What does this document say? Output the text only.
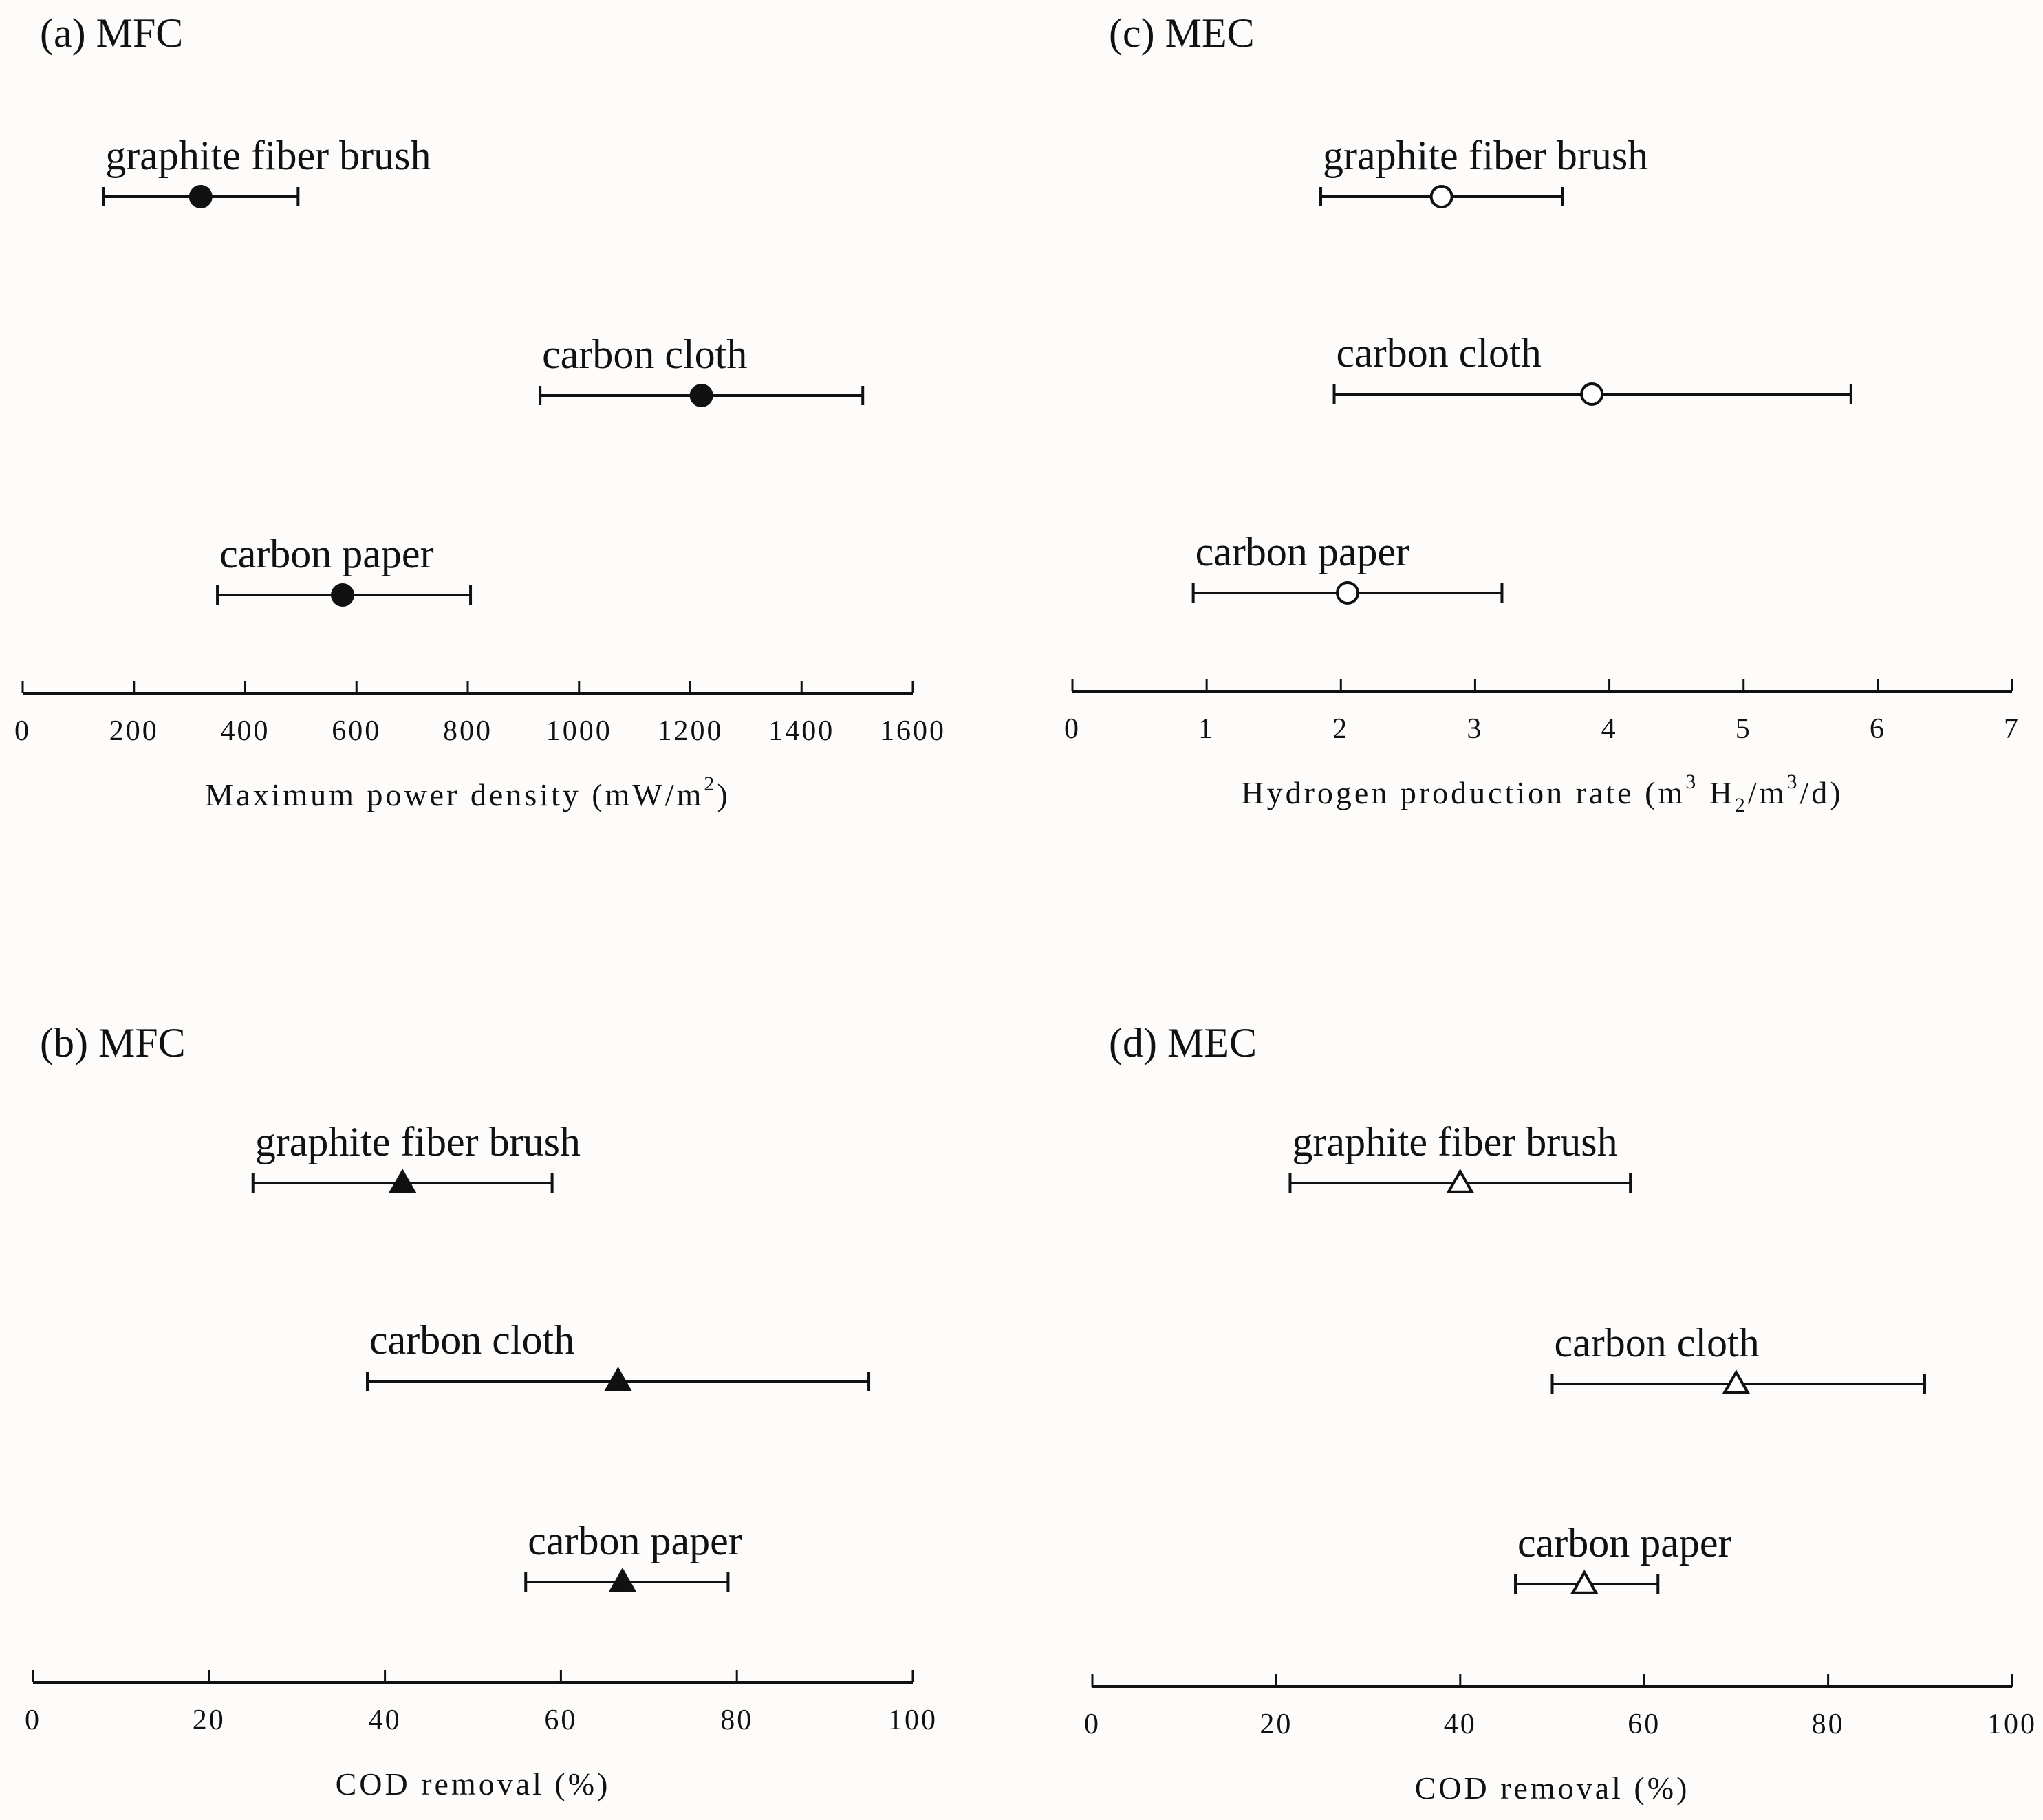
(a) MFC
0	200 400 600 800 1000 1200 1400 1600
Maximum power density $(mW/m^2)$
graphite fiber brush
carbon cloth
carbon paper
(c) MEC
0	1	2	3	4	5	6	7
Hydrogen production rate ($m^3$ $H_2/m^3/d$)
graphite fiber brush
carbon cloth
carbon paper
(b) MFC
0	20	40	60	80	100
COD removal (%)
graphite fiber brush
carbon cloth
carbon paper
(d) MEC
0	20	40	60	80	100
COD removal (%)
graphite fiber brush
carbon cloth
carbon paper
